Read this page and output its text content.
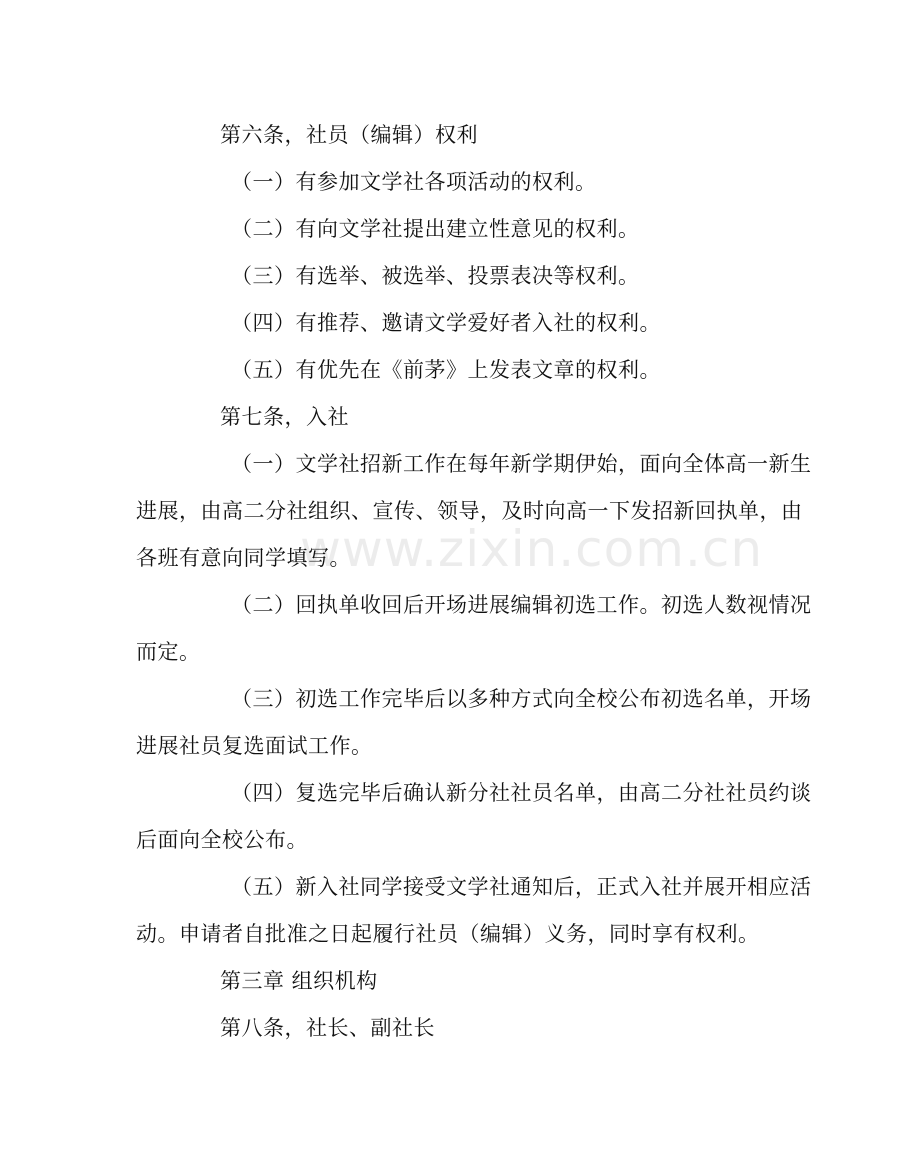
www.zixin.com.cn
第六条，社员（编辑）权利
（一）有参加文学社各项活动的权利。
（二）有向文学社提出建立性意见的权利。
（三）有选举、被选举、投票表决等权利。
（四）有推荐、邀请文学爱好者入社的权利。
（五）有优先在《前茅》上发表文章的权利。
第七条，入社
（一）文学社招新工作在每年新学期伊始，面向全体高一新生
进展，由高二分社组织、宣传、领导，及时向高一下发招新回执单，由
各班有意向同学填写。
（二）回执单收回后开场进展编辑初选工作。初选人数视情况
而定。
（三）初选工作完毕后以多种方式向全校公布初选名单，开场
进展社员复选面试工作。
（四）复选完毕后确认新分社社员名单，由高二分社社员约谈
后面向全校公布。
（五）新入社同学接受文学社通知后，正式入社并展开相应活
动。申请者自批准之日起履行社员（编辑）义务，同时享有权利。
第三章 组织机构
第八条，社长、副社长
